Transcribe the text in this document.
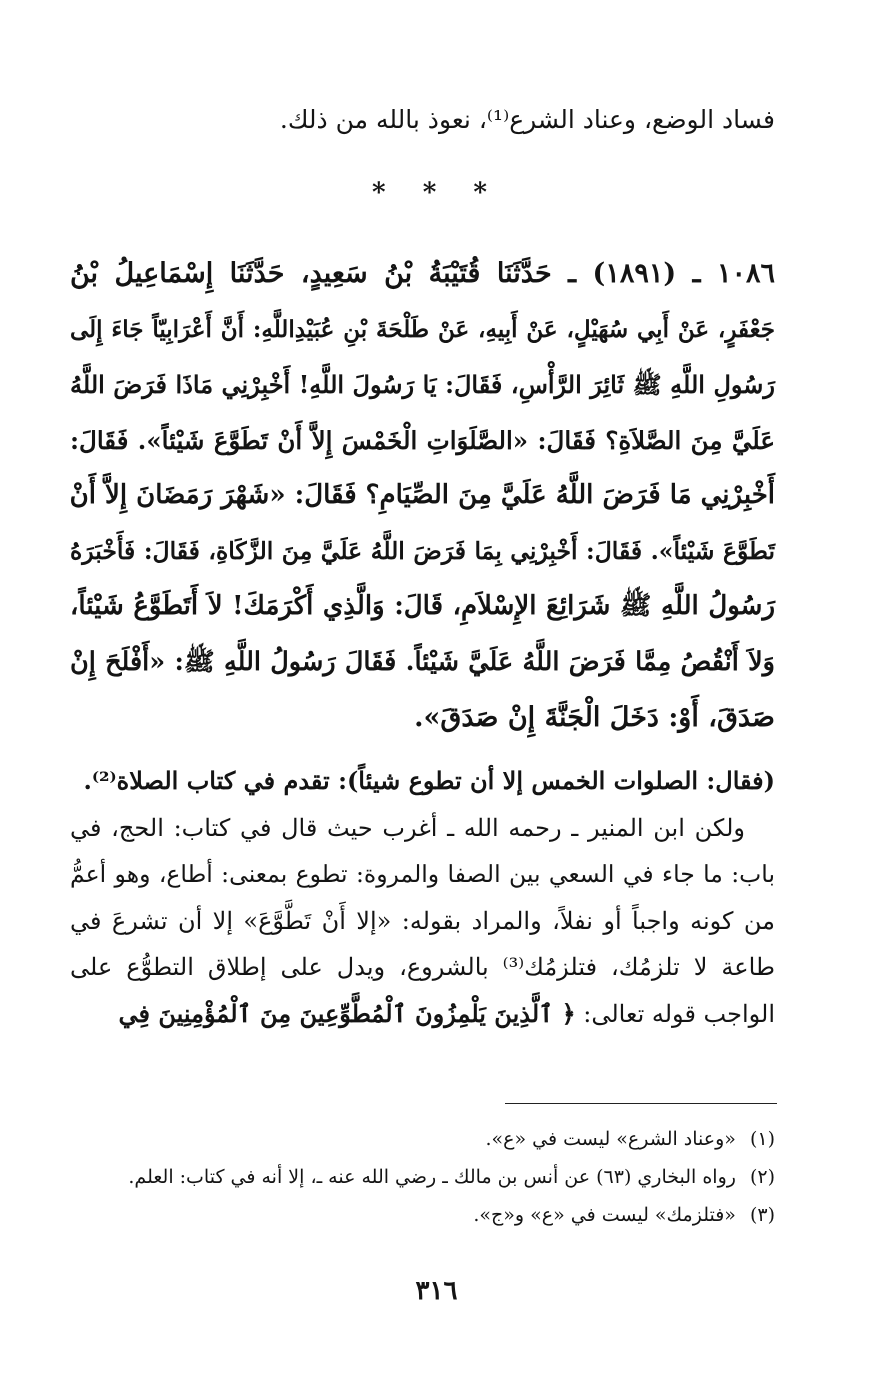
فساد الوضع، وعناد الشرع⁽¹⁾، نعوذ بالله من ذلك.
* * *
١٠٨٦ ـ (١٨٩١) ـ حَدَّثَنَا قُتَيْبَةُ بْنُ سَعِيدٍ، حَدَّثَنَا إِسْمَاعِيلُ بْنُ
جَعْفَرٍ، عَنْ أَبِي سُهَيْلٍ، عَنْ أَبِيهِ، عَنْ طَلْحَةَ بْنِ عُبَيْدِاللَّهِ: أَنَّ أَعْرَابِيّاً جَاءَ إِلَى
رَسُولِ اللَّهِ ﷺ ثَائِرَ الرَّأْسِ، فَقَالَ: يَا رَسُولَ اللَّهِ! أَخْبِرْنِي مَاذَا فَرَضَ اللَّهُ
عَلَيَّ مِنَ الصَّلاَةِ؟ فَقَالَ: «الصَّلَوَاتِ الْخَمْسَ إِلاَّ أَنْ تَطَوَّعَ شَيْئاً». فَقَالَ:
أَخْبِرْنِي مَا فَرَضَ اللَّهُ عَلَيَّ مِنَ الصِّيَامِ؟ فَقَالَ: «شَهْرَ رَمَضَانَ إِلاَّ أَنْ
تَطَوَّعَ شَيْئاً». فَقَالَ: أَخْبِرْنِي بِمَا فَرَضَ اللَّهُ عَلَيَّ مِنَ الزَّكَاةِ، فَقَالَ: فَأَخْبَرَهُ
رَسُولُ اللَّهِ ﷺ شَرَائِعَ الإِسْلاَمِ، قَالَ: وَالَّذِي أَكْرَمَكَ! لاَ أَتَطَوَّعُ شَيْئاً،
وَلاَ أَنْقُصُ مِمَّا فَرَضَ اللَّهُ عَلَيَّ شَيْئاً. فَقَالَ رَسُولُ اللَّهِ ﷺ: «أَفْلَحَ إِنْ
صَدَقَ، أَوْ: دَخَلَ الْجَنَّةَ إِنْ صَدَقَ».
(فقال: الصلوات الخمس إلا أن تطوع شيئاً): تقدم في كتاب الصلاة⁽²⁾.
ولكن ابن المنير ـ رحمه الله ـ أغرب حيث قال في كتاب: الحج، في
باب: ما جاء في السعي بين الصفا والمروة: تطوع بمعنى: أطاع، وهو أعمُّ
من كونه واجباً أو نفلاً، والمراد بقوله: «إلا أَنْ تَطَّوَّعَ» إلا أن تشرعَ في
طاعة لا تلزمُك، فتلزمُك⁽³⁾ بالشروع، ويدل على إطلاق التطوُّع على
الواجب قوله تعالى: ﴿ ٱلَّذِينَ يَلْمِزُونَ ٱلْمُطَّوِّعِينَ مِنَ ٱلْمُؤْمِنِينَ فِي
(١)«وعناد الشرع» ليست في «ع».
(٢)رواه البخاري (٦٣) عن أنس بن مالك ـ رضي الله عنه ـ، إلا أنه في كتاب: العلم.
(٣)«فتلزمك» ليست في «ع» و«ج».
٣١٦
